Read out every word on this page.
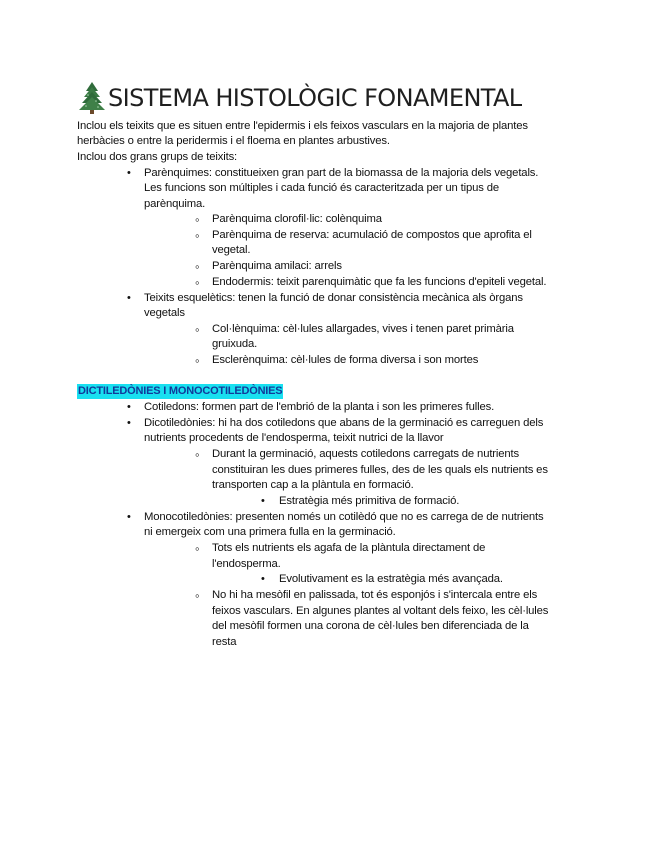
SISTEMA HISTOLÒGIC FONAMENTAL
Inclou els teixits que es situen entre l'epidermis i els feixos vasculars en la majoria de plantes
herbàcies o entre la peridermis i el floema en plantes arbustives.
Inclou dos grans grups de teixits:
•
Parènquimes: constitueixen gran part de la biomassa de la majoria dels vegetals.
Les funcions son múltiples i cada funció és caracteritzada per un tipus de
parènquima.
◦
Parènquima clorofil·lic: colènquima
◦
Parènquima de reserva: acumulació de compostos que aprofita el
vegetal.
◦
Parènquima amilaci: arrels
◦
Endodermis: teixit parenquimàtic que fa les funcions d'epiteli vegetal.
•
Teixits esquelètics: tenen la funció de donar consistència mecànica als òrgans
vegetals
◦
Col·lènquima: cèl·lules allargades, vives i tenen paret primària
gruixuda.
◦
Esclerènquima: cèl·lules de forma diversa i son mortes
DICTILEDÒNIES I MONOCOTILEDÒNIES
•
Cotiledons: formen part de l'embrió de la planta i son les primeres fulles.
•
Dicotiledònies: hi ha dos cotiledons que abans de la germinació es carreguen dels
nutrients procedents de l'endosperma, teixit nutrici de la llavor
◦
Durant la germinació, aquests cotiledons carregats de nutrients
constituiran les dues primeres fulles, des de les quals els nutrients es
transporten cap a la plàntula en formació.
•
Estratègia més primitiva de formació.
•
Monocotiledònies: presenten només un cotilèdó que no es carrega de de nutrients
ni emergeix com una primera fulla en la germinació.
◦
Tots els nutrients els agafa de la plàntula directament de
l'endosperma.
•
Evolutivament es la estratègia més avançada.
◦
No hi ha mesòfil en palissada, tot és esponjós i s'intercala entre els
feixos vasculars. En algunes plantes al voltant dels feixo, les cèl·lules
del mesòfil formen una corona de cèl·lules ben diferenciada de la
resta
